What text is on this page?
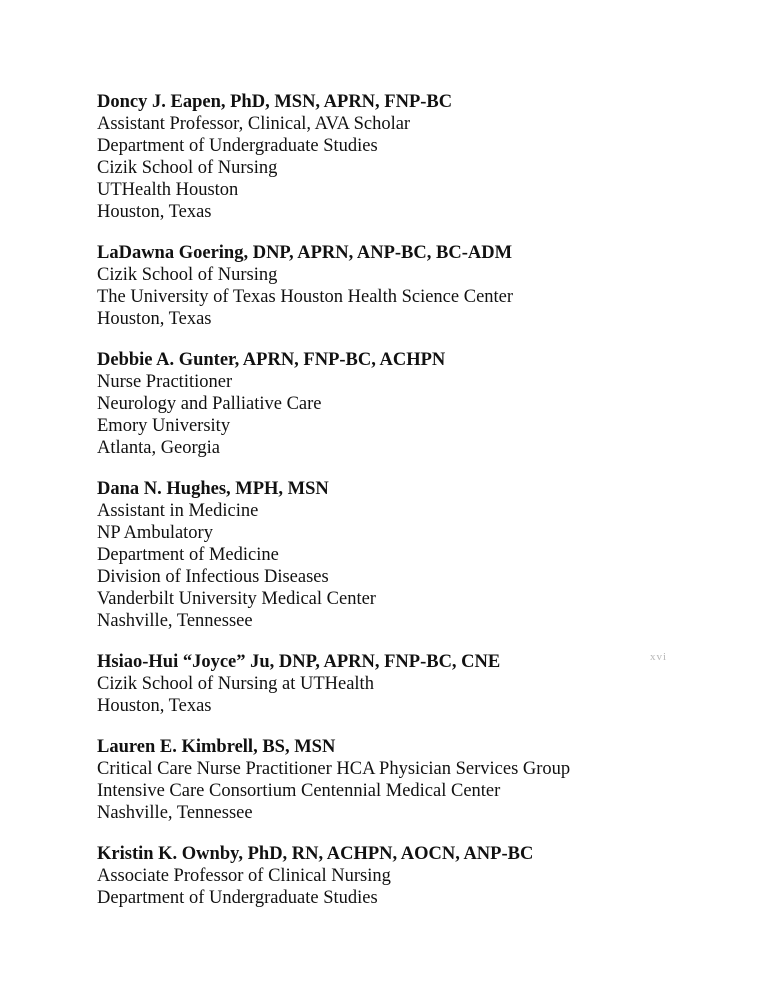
Doncy J. Eapen, PhD, MSN, APRN, FNP-BC
Assistant Professor, Clinical, AVA Scholar
Department of Undergraduate Studies
Cizik School of Nursing
UTHealth Houston
Houston, Texas
LaDawna Goering, DNP, APRN, ANP-BC, BC-ADM
Cizik School of Nursing
The University of Texas Houston Health Science Center
Houston, Texas
Debbie A. Gunter, APRN, FNP-BC, ACHPN
Nurse Practitioner
Neurology and Palliative Care
Emory University
Atlanta, Georgia
Dana N. Hughes, MPH, MSN
Assistant in Medicine
NP Ambulatory
Department of Medicine
Division of Infectious Diseases
Vanderbilt University Medical Center
Nashville, Tennessee
Hsiao-Hui “Joyce” Ju, DNP, APRN, FNP-BC, CNE
Cizik School of Nursing at UTHealth
Houston, Texas
Lauren E. Kimbrell, BS, MSN
Critical Care Nurse Practitioner HCA Physician Services Group
Intensive Care Consortium Centennial Medical Center
Nashville, Tennessee
Kristin K. Ownby, PhD, RN, ACHPN, AOCN, ANP-BC
Associate Professor of Clinical Nursing
Department of Undergraduate Studies
xvi
